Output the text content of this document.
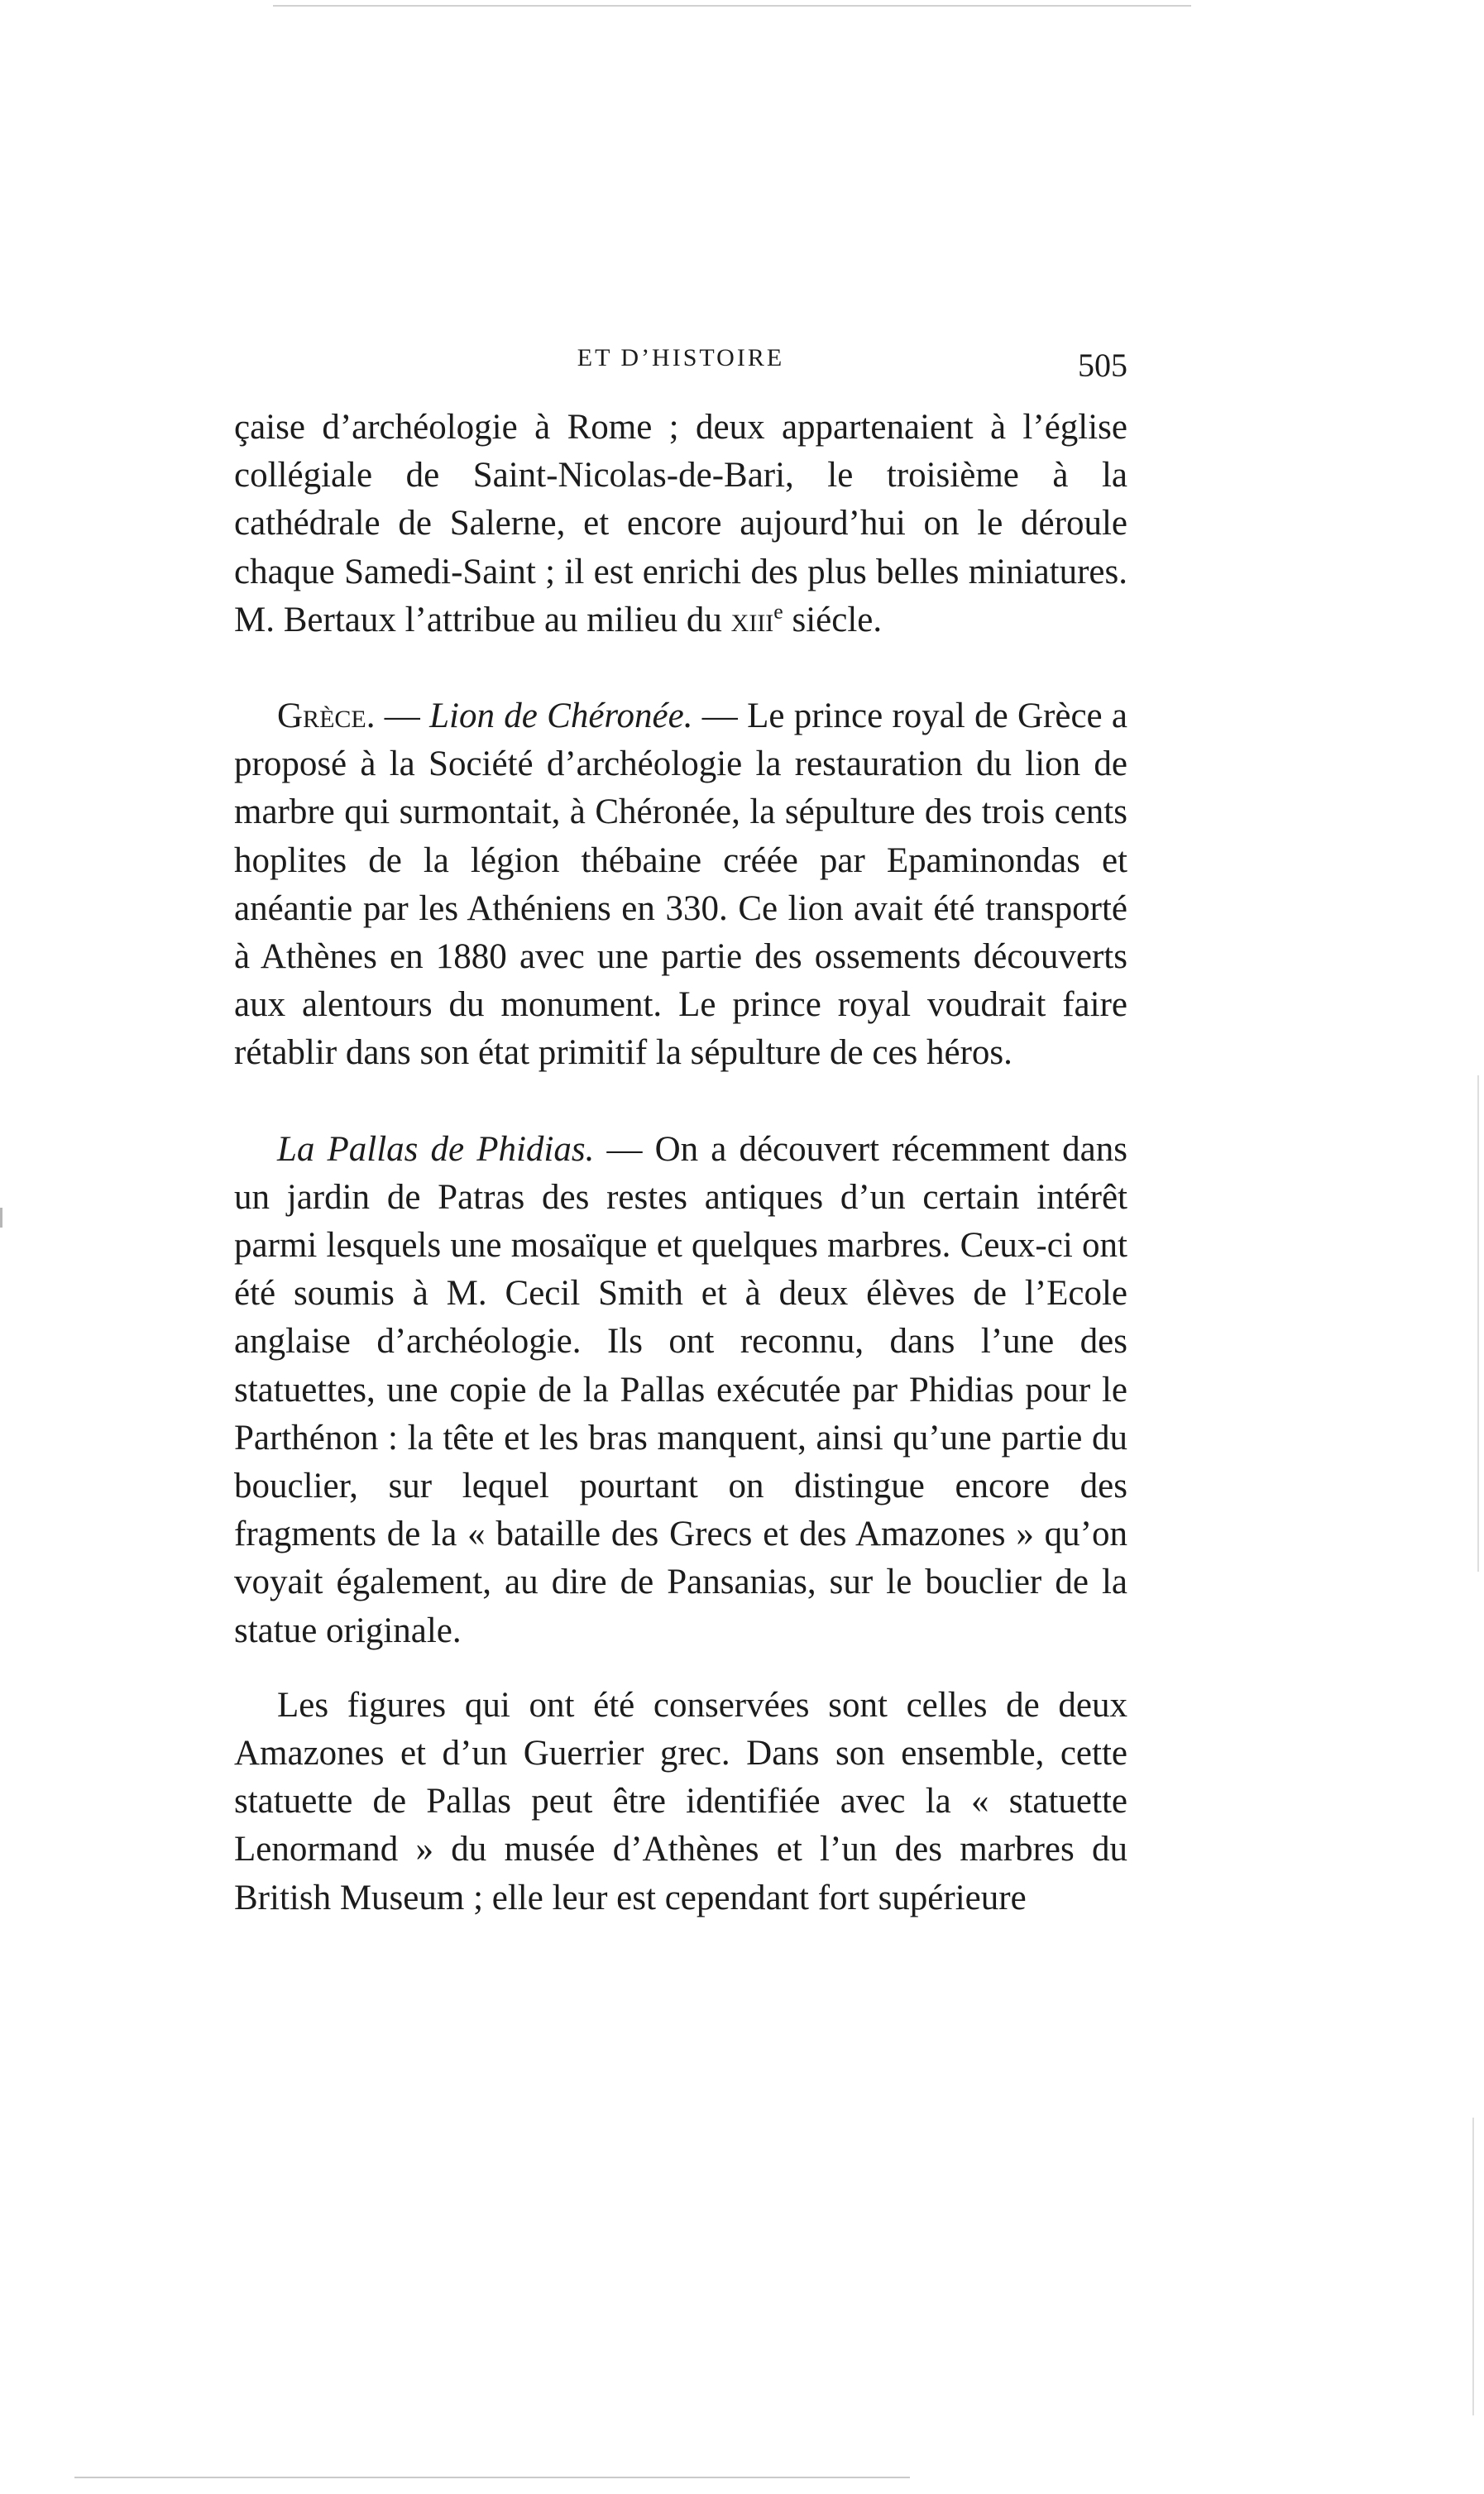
ET D’HISTOIRE	505

çaise d’archéologie à Rome ; deux appartenaient à l’église collégiale de Saint-Nicolas-de-Bari, le troisième à la cathédrale de Salerne, et encore aujourd’hui on le déroule chaque Samedi-Saint ; il est enrichi des plus belles miniatures. M. Bertaux l’attribue au milieu du xiii$^e$ siécle.

Grèce. — Lion de Chéronée. — Le prince royal de Grèce a proposé à la Société d’archéologie la restauration du lion de marbre qui surmontait, à Chéronée, la sépulture des trois cents hoplites de la légion thébaine créée par Epaminondas et anéantie par les Athéniens en 330. Ce lion avait été transporté à Athènes en 1880 avec une partie des ossements découverts aux alentours du monument. Le prince royal voudrait faire rétablir dans son état primitif la sépulture de ces héros.

La Pallas de Phidias. — On a découvert récemment dans un jardin de Patras des restes antiques d’un certain intérêt parmi lesquels une mosaïque et quelques marbres. Ceux-ci ont été soumis à M. Cecil Smith et à deux élèves de l’Ecole anglaise d’archéologie. Ils ont reconnu, dans l’une des statuettes, une copie de la Pallas exécutée par Phidias pour le Parthénon : la tête et les bras manquent, ainsi qu’une partie du bouclier, sur lequel pourtant on distingue encore des fragments de la « bataille des Grecs et des Amazones » qu’on voyait également, au dire de Pansanias, sur le bouclier de la statue originale.

Les figures qui ont été conservées sont celles de deux Amazones et d’un Guerrier grec. Dans son ensemble, cette statuette de Pallas peut être identifiée avec la « statuette Lenormand » du musée d’Athènes et l’un des marbres du British Museum ; elle leur est cependant fort supérieure
